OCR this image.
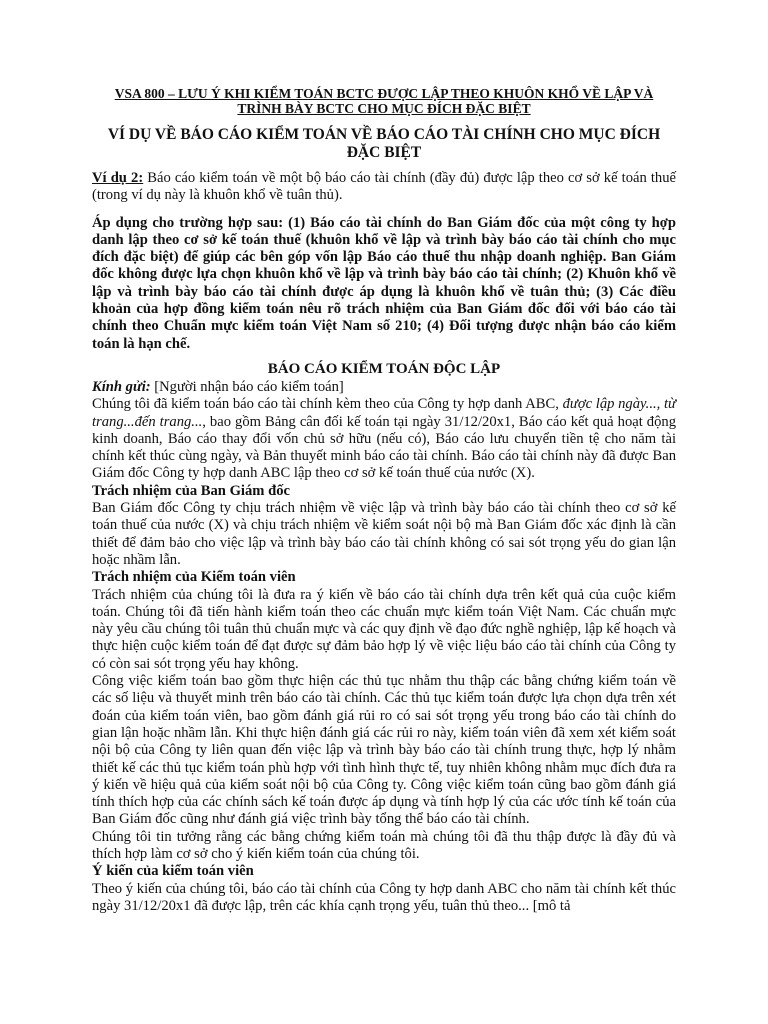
VSA 800 – LƯU Ý KHI KIỂM TOÁN BCTC ĐƯỢC LẬP THEO KHUÔN KHỔ VỀ LẬP VÀ TRÌNH BÀY BCTC CHO MỤC ĐÍCH ĐẶC BIỆT
VÍ DỤ VỀ BÁO CÁO KIỂM TOÁN VỀ BÁO CÁO TÀI CHÍNH CHO MỤC ĐÍCH ĐẶC BIỆT

Ví dụ 2: Báo cáo kiểm toán về một bộ báo cáo tài chính (đầy đủ) được lập theo cơ sở kế toán thuế (trong ví dụ này là khuôn khổ về tuân thủ).

Áp dụng cho trường hợp sau: (1) Báo cáo tài chính do Ban Giám đốc của một công ty hợp danh lập theo cơ sở kế toán thuế (khuôn khổ về lập và trình bày báo cáo tài chính cho mục đích đặc biệt) để giúp các bên góp vốn lập Báo cáo thuế thu nhập doanh nghiệp. Ban Giám đốc không được lựa chọn khuôn khổ về lập và trình bày báo cáo tài chính; (2) Khuôn khổ về lập và trình bày báo cáo tài chính được áp dụng là khuôn khổ về tuân thủ; (3) Các điều khoản của hợp đồng kiểm toán nêu rõ trách nhiệm của Ban Giám đốc đối với báo cáo tài chính theo Chuẩn mực kiểm toán Việt Nam số 210; (4) Đối tượng được nhận báo cáo kiểm toán là hạn chế.

BÁO CÁO KIỂM TOÁN ĐỘC LẬP

Kính gửi: [Người nhận báo cáo kiểm toán]

Chúng tôi đã kiểm toán báo cáo tài chính kèm theo của Công ty hợp danh ABC, được lập ngày..., từ trang...đến trang..., bao gồm Bảng cân đối kế toán tại ngày 31/12/20x1, Báo cáo kết quả hoạt động kinh doanh, Báo cáo thay đổi vốn chủ sở hữu (nếu có), Báo cáo lưu chuyển tiền tệ cho năm tài chính kết thúc cùng ngày, và Bản thuyết minh báo cáo tài chính. Báo cáo tài chính này đã được Ban Giám đốc Công ty hợp danh ABC lập theo cơ sở kế toán thuế của nước (X).

Trách nhiệm của Ban Giám đốc

Ban Giám đốc Công ty chịu trách nhiệm về việc lập và trình bày báo cáo tài chính theo cơ sở kế toán thuế của nước (X) và chịu trách nhiệm về kiểm soát nội bộ mà Ban Giám đốc xác định là cần thiết để đảm bảo cho việc lập và trình bày báo cáo tài chính không có sai sót trọng yếu do gian lận hoặc nhầm lẫn.

Trách nhiệm của Kiểm toán viên

Trách nhiệm của chúng tôi là đưa ra ý kiến về báo cáo tài chính dựa trên kết quả của cuộc kiểm toán. Chúng tôi đã tiến hành kiểm toán theo các chuẩn mực kiểm toán Việt Nam. Các chuẩn mực này yêu cầu chúng tôi tuân thủ chuẩn mực và các quy định về đạo đức nghề nghiệp, lập kế hoạch và thực hiện cuộc kiểm toán để đạt được sự đảm bảo hợp lý về việc liệu báo cáo tài chính của Công ty có còn sai sót trọng yếu hay không.

Công việc kiểm toán bao gồm thực hiện các thủ tục nhằm thu thập các bằng chứng kiểm toán về các số liệu và thuyết minh trên báo cáo tài chính. Các thủ tục kiểm toán được lựa chọn dựa trên xét đoán của kiểm toán viên, bao gồm đánh giá rủi ro có sai sót trọng yếu trong báo cáo tài chính do gian lận hoặc nhầm lẫn. Khi thực hiện đánh giá các rủi ro này, kiểm toán viên đã xem xét kiểm soát nội bộ của Công ty liên quan đến việc lập và trình bày báo cáo tài chính trung thực, hợp lý nhằm thiết kế các thủ tục kiểm toán phù hợp với tình hình thực tế, tuy nhiên không nhằm mục đích đưa ra ý kiến về hiệu quả của kiểm soát nội bộ của Công ty. Công việc kiểm toán cũng bao gồm đánh giá tính thích hợp của các chính sách kế toán được áp dụng và tính hợp lý của các ước tính kế toán của Ban Giám đốc cũng như đánh giá việc trình bày tổng thể báo cáo tài chính.

Chúng tôi tin tưởng rằng các bằng chứng kiểm toán mà chúng tôi đã thu thập được là đầy đủ và thích hợp làm cơ sở cho ý kiến kiểm toán của chúng tôi.

Ý kiến của kiểm toán viên

Theo ý kiến của chúng tôi, báo cáo tài chính của Công ty hợp danh ABC cho năm tài chính kết thúc ngày 31/12/20x1 đã được lập, trên các khía cạnh trọng yếu, tuân thủ theo... [mô tả
